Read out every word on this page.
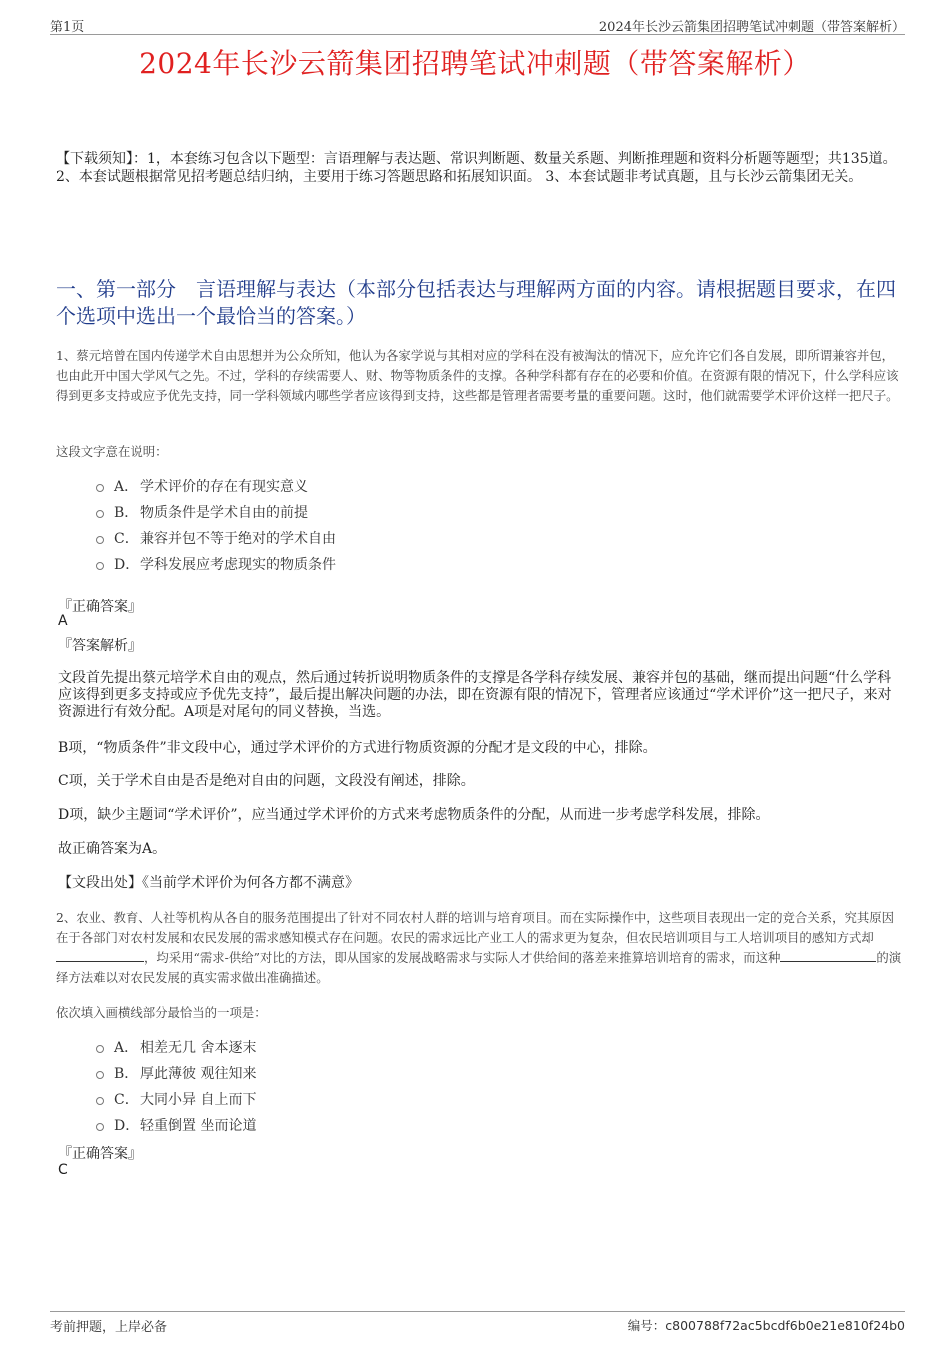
第1页	2024年长沙云箭集团招聘笔试冲刺题（带答案解析）
2024年长沙云箭集团招聘笔试冲刺题（带答案解析）
【下载须知】：1，本套练习包含以下题型：言语理解与表达题、常识判断题、数量关系题、判断推理题和资料分析题等题型；共135道。 2、本套试题根据常见招考题总结归纳，主要用于练习答题思路和拓展知识面。 3、本套试题非考试真题，且与长沙云箭集团无关。
一、第一部分　言语理解与表达（本部分包括表达与理解两方面的内容。请根据题目要求，在四个选项中选出一个最恰当的答案。）
1、蔡元培曾在国内传递学术自由思想并为公众所知，他认为各家学说与其相对应的学科在没有被淘汰的情况下，应允许它们各自发展，即所谓兼容并包，也由此开中国大学风气之先。不过，学科的存续需要人、财、物等物质条件的支撑。各种学科都有存在的必要和价值。在资源有限的情况下，什么学科应该得到更多支持或应予优先支持，同一学科领域内哪些学者应该得到支持，这些都是管理者需要考量的重要问题。这时，他们就需要学术评价这样一把尺子。
这段文字意在说明：
A． 学术评价的存在有现实意义
B． 物质条件是学术自由的前提
C． 兼容并包不等于绝对的学术自由
D． 学科发展应考虑现实的物质条件
『正确答案』
A
『答案解析』
文段首先提出蔡元培学术自由的观点，然后通过转折说明物质条件的支撑是各学科存续发展、兼容并包的基础，继而提出问题“什么学科应该得到更多支持或应予优先支持”，最后提出解决问题的办法，即在资源有限的情况下，管理者应该通过“学术评价”这一把尺子，来对资源进行有效分配。A项是对尾句的同义替换，当选。
B项，“物质条件”非文段中心，通过学术评价的方式进行物质资源的分配才是文段的中心，排除。
C项，关于学术自由是否是绝对自由的问题，文段没有阐述，排除。
D项，缺少主题词“学术评价”，应当通过学术评价的方式来考虑物质条件的分配，从而进一步考虑学科发展，排除。
故正确答案为A。
【文段出处】《当前学术评价为何各方都不满意》
2、农业、教育、人社等机构从各自的服务范围提出了针对不同农村人群的培训与培育项目。而在实际操作中，这些项目表现出一定的竞合关系，究其原因在于各部门对农村发展和农民发展的需求感知模式存在问题。农民的需求远比产业工人的需求更为复杂，但农民培训项目与工人培训项目的感知方式却，均采用“需求-供给”对比的方法，即从国家的发展战略需求与实际人才供给间的落差来推算培训培育的需求，而这种	的演绎方法难以对农民发展的真实需求做出准确描述。
依次填入画横线部分最恰当的一项是：
A． 相差无几 舍本逐末
B． 厚此薄彼 观往知来
C． 大同小异 自上而下
D． 轻重倒置 坐而论道
『正确答案』
C
考前押题，上岸必备	编号：c800788f72ac5bcdf6b0e21e810f24b0
